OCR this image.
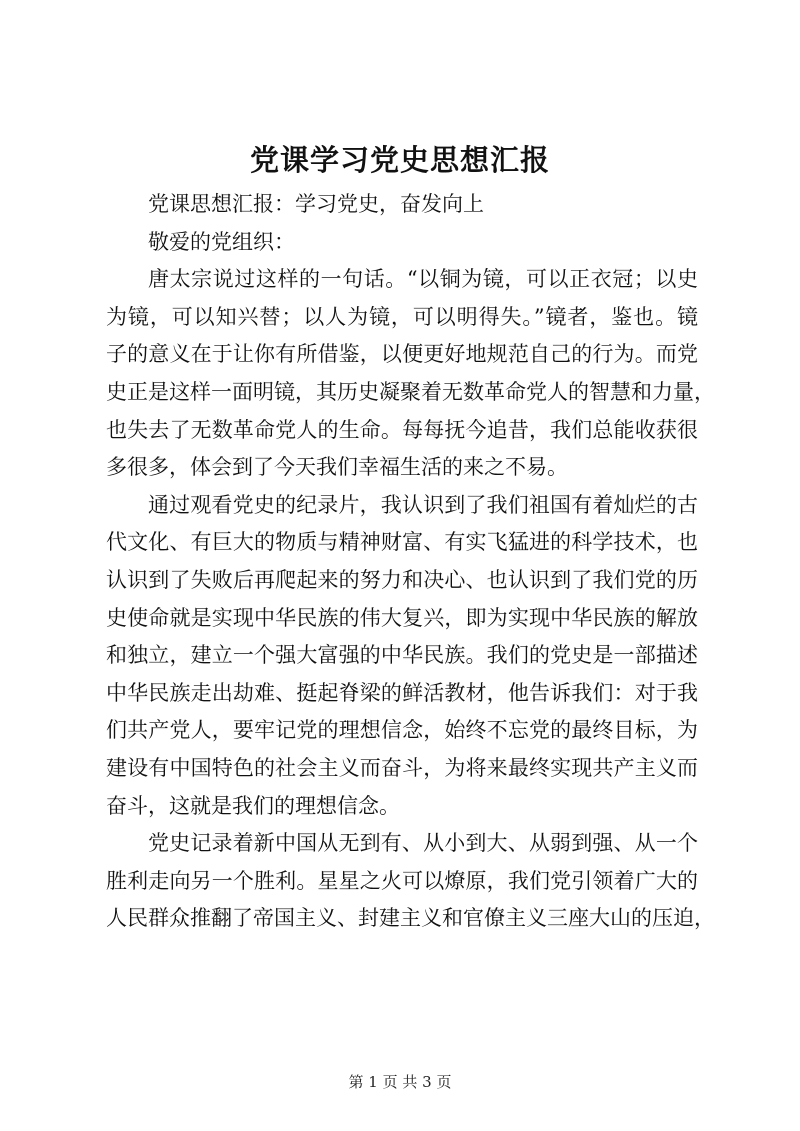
党课学习党史思想汇报
党课思想汇报：学习党史，奋发向上
敬爱的党组织：
唐太宗说过这样的一句话。“以铜为镜，可以正衣冠；以史
为镜，可以知兴替；以人为镜，可以明得失。”镜者，鉴也。镜
子的意义在于让你有所借鉴，以便更好地规范自己的行为。而党
史正是这样一面明镜，其历史凝聚着无数革命党人的智慧和力量，
也失去了无数革命党人的生命。每每抚今追昔，我们总能收获很
多很多，体会到了今天我们幸福生活的来之不易。
通过观看党史的纪录片，我认识到了我们祖国有着灿烂的古
代文化、有巨大的物质与精神财富、有实飞猛进的科学技术，也
认识到了失败后再爬起来的努力和决心、也认识到了我们党的历
史使命就是实现中华民族的伟大复兴，即为实现中华民族的解放
和独立，建立一个强大富强的中华民族。我们的党史是一部描述
中华民族走出劫难、挺起脊梁的鲜活教材，他告诉我们：对于我
们共产党人，要牢记党的理想信念，始终不忘党的最终目标，为
建设有中国特色的社会主义而奋斗，为将来最终实现共产主义而
奋斗，这就是我们的理想信念。
党史记录着新中国从无到有、从小到大、从弱到强、从一个
胜利走向另一个胜利。星星之火可以燎原，我们党引领着广大的
人民群众推翻了帝国主义、封建主义和官僚主义三座大山的压迫，
第 1 页 共 3 页
